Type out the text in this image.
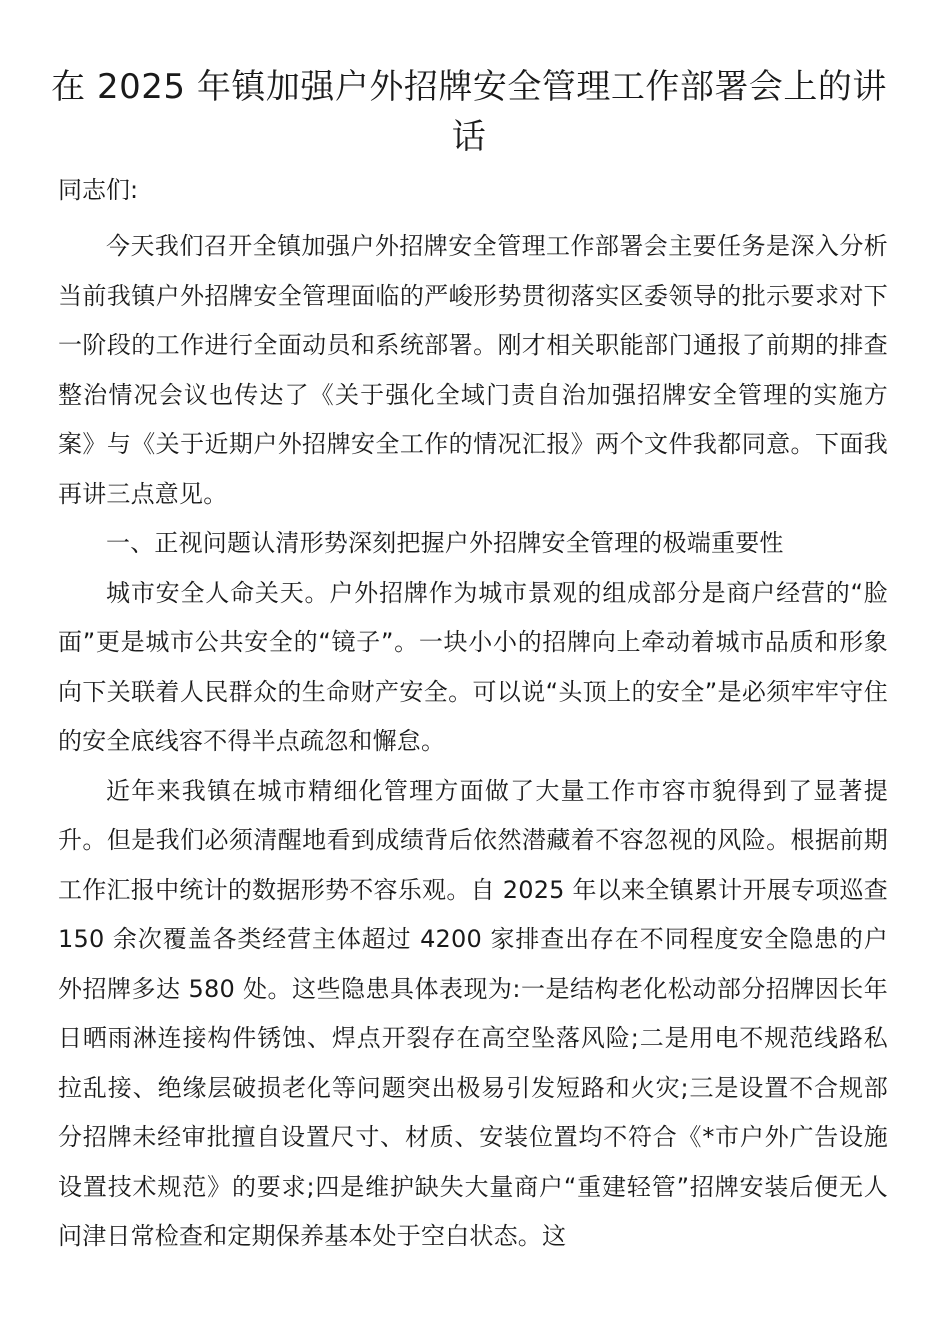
在 2025 年镇加强户外招牌安全管理工作部署会上的讲话
同志们:

今天我们召开全镇加强户外招牌安全管理工作部署会主要任务是深入分析当前我镇户外招牌安全管理面临的严峻形势贯彻落实区委领导的批示要求对下一阶段的工作进行全面动员和系统部署。刚才相关职能部门通报了前期的排查整治情况会议也传达了《关于强化全域门责自治加强招牌安全管理的实施方案》与《关于近期户外招牌安全工作的情况汇报》两个文件我都同意。下面我再讲三点意见。

一、正视问题认清形势深刻把握户外招牌安全管理的极端重要性

城市安全人命关天。户外招牌作为城市景观的组成部分是商户经营的“脸面”更是城市公共安全的“镜子”。一块小小的招牌向上牵动着城市品质和形象向下关联着人民群众的生命财产安全。可以说“头顶上的安全”是必须牢牢守住的安全底线容不得半点疏忽和懈怠。

近年来我镇在城市精细化管理方面做了大量工作市容市貌得到了显著提升。但是我们必须清醒地看到成绩背后依然潜藏着不容忽视的风险。根据前期工作汇报中统计的数据形势不容乐观。自 2025 年以来全镇累计开展专项巡查 150 余次覆盖各类经营主体超过 4200 家排查出存在不同程度安全隐患的户外招牌多达 580 处。这些隐患具体表现为:一是结构老化松动部分招牌因长年日晒雨淋连接构件锈蚀、焊点开裂存在高空坠落风险;二是用电不规范线路私拉乱接、绝缘层破损老化等问题突出极易引发短路和火灾;三是设置不合规部分招牌未经审批擅自设置尺寸、材质、安装位置均不符合《*市户外广告设施设置技术规范》的要求;四是维护缺失大量商户“重建轻管”招牌安装后便无人问津日常检查和定期保养基本处于空白状态。这
